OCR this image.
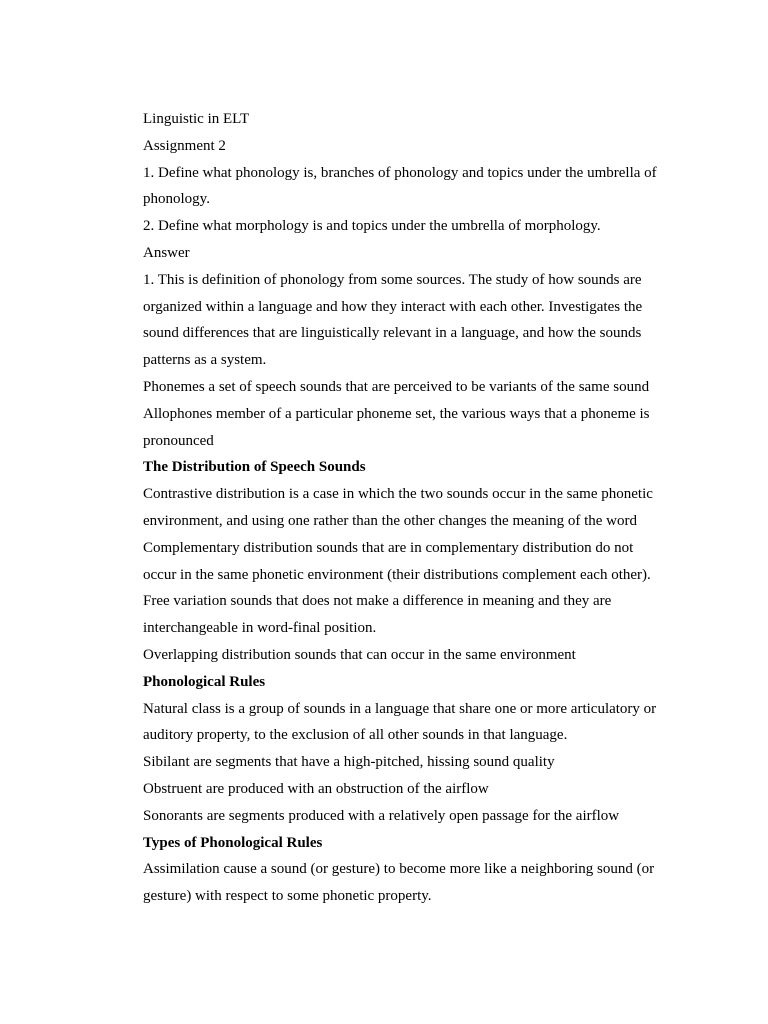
Linguistic in ELT
Assignment 2
1. Define what phonology is, branches of phonology and topics under the umbrella of
phonology.
2. Define what morphology is and topics under the umbrella of morphology.
Answer
1. This is definition of phonology from some sources. The study of how sounds are
organized within a language and how they interact with each other. Investigates the
sound differences that are linguistically relevant in a language, and how the sounds
patterns as a system.
Phonemes a set of speech sounds that are perceived to be variants of the same sound
Allophones member of a particular phoneme set, the various ways that a phoneme is
pronounced
The Distribution of Speech Sounds
Contrastive distribution is a case in which the two sounds occur in the same phonetic
environment, and using one rather than the other changes the meaning of the word
Complementary distribution sounds that are in complementary distribution do not
occur in the same phonetic environment (their distributions complement each other).
Free variation sounds that does not make a difference in meaning and they are
interchangeable in word-final position.
Overlapping distribution sounds that can occur in the same environment
Phonological Rules
Natural class is a group of sounds in a language that share one or more articulatory or
auditory property, to the exclusion of all other sounds in that language.
Sibilant are segments that have a high-pitched, hissing sound quality
Obstruent are produced with an obstruction of the airflow
Sonorants are segments produced with a relatively open passage for the airflow
Types of Phonological Rules
Assimilation cause a sound (or gesture) to become more like a neighboring sound (or
gesture) with respect to some phonetic property.
